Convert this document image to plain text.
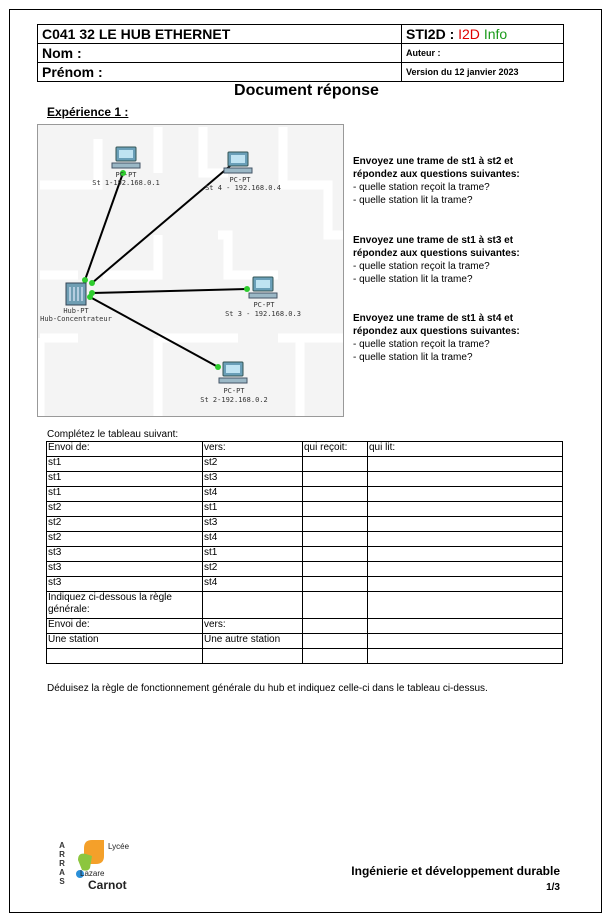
C041 32 LE HUB ETHERNET	STI2D : I2D Info
Nom :	Auteur :
Prénom :	Version du 12 janvier 2023
Document réponse
Expérience 1 :
PC-PT
St 1-192.168.0.1	PC-PT
St 4 - 192.168.0.4
PC-PT
St 3 - 192.168.0.3
PC-PT
St 2-192.168.0.2
Hub-PT
Hub-Concentrateur
Envoyez une trame de st1 à st2 et
répondez aux questions suivantes:
- quelle station reçoit la trame?
- quelle station lit la trame?
Envoyez une trame de st1 à st3 et
répondez aux questions suivantes:
- quelle station reçoit la trame?
- quelle station lit la trame?
Envoyez une trame de st1 à st4 et
répondez aux questions suivantes:
- quelle station reçoit la trame?
- quelle station lit la trame?
Complétez le tableau suivant:
Envoi de:	vers:	qui reçoit:	qui lit:
st1	st2		
st1	st3		
st1	st4		
st2	st1		
st2	st3		
st2	st4		
st3	st1		
st3	st2		
st3	st4		
Indiquez ci-dessous la règle
générale:			
Envoi de:	vers:		
Une station	Une autre station		

Déduisez la règle de fonctionnement générale du hub et indiquez celle-ci dans le tableau ci-dessus.
A
R
R
A
S
Lycée
Lazare
Carnot
Ingénierie et développement durable
1/3
